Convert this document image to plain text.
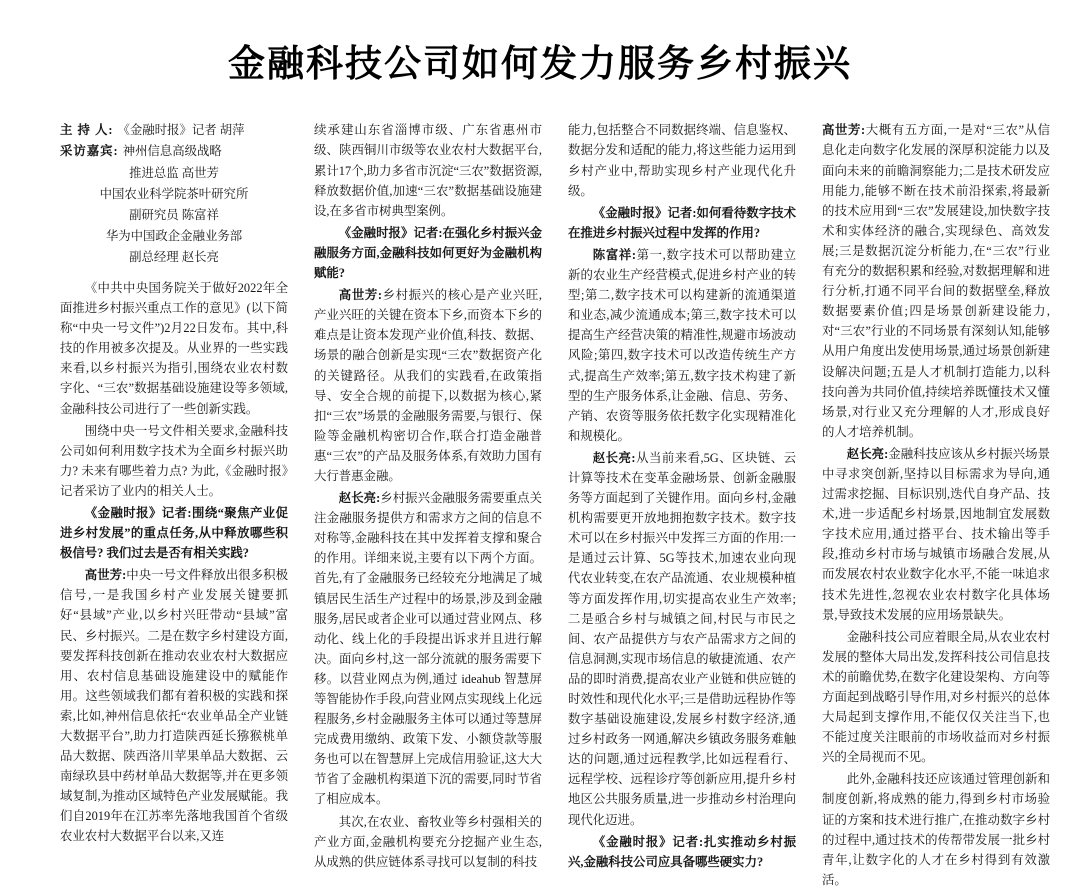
金融科技公司如何发力服务乡村振兴
主 持 人: 《金融时报》记者 胡萍
采访嘉宾: 神州信息高级战略
推进总监 高世芳
中国农业科学院茶叶研究所
副研究员 陈富祥
华为中国政企金融业务部
副总经理 赵长亮

《中共中央国务院关于做好2022年全面推进乡村振兴重点工作的意见》(以下简称“中央一号文件”)2月22日发布。其中,科技的作用被多次提及。从业界的一些实践来看,以乡村振兴为指引,围绕农业农村数字化、“三农”数据基础设施建设等多领域,金融科技公司进行了一些创新实践。

围绕中央一号文件相关要求,金融科技公司如何利用数字技术为全面乡村振兴助力? 未来有哪些着力点? 为此,《金融时报》记者采访了业内的相关人士。

《金融时报》记者:围绕“聚焦产业促进乡村发展”的重点任务,从中释放哪些积极信号? 我们过去是否有相关实践?

高世芳:中央一号文件释放出很多积极信号,一是我国乡村产业发展关键要抓好“县域”产业,以乡村兴旺带动“县域”富民、乡村振兴。二是在数字乡村建设方面,要发挥科技创新在推动农业农村大数据应用、农村信息基础设施建设中的赋能作用。这些领域我们都有着积极的实践和探索,比如,神州信息依托“农业单品全产业链大数据平台”,助力打造陕西延长猕猴桃单品大数据、陕西洛川苹果单品大数据、云南绿玖县中药材单品大数据等,并在更多领域复制,为推动区域特色产业发展赋能。我们自2019年在江苏率先落地我国首个省级农业农村大数据平台以来,又连

续承建山东省淄博市级、广东省惠州市级、陕西铜川市级等农业农村大数据平台,累计17个,助力多省市沉淀“三农”数据资源,释放数据价值,加速“三农”数据基础设施建设,在多省市树典型案例。

《金融时报》记者:在强化乡村振兴金融服务方面,金融科技如何更好为金融机构赋能?

高世芳:乡村振兴的核心是产业兴旺,产业兴旺的关键在资本下乡,而资本下乡的难点是让资本发现产业价值,科技、数据、场景的融合创新是实现“三农”数据资产化的关键路径。从我们的实践看,在政策指导、安全合规的前提下,以数据为核心,紧扣“三农”场景的金融服务需要,与银行、保险等金融机构密切合作,联合打造金融普惠“三农”的产品及服务体系,有效助力国有大行普惠金融。

赵长亮:乡村振兴金融服务需要重点关注金融服务提供方和需求方之间的信息不对称等,金融科技在其中发挥着支撑和聚合的作用。详细来说,主要有以下两个方面。首先,有了金融服务已经较充分地满足了城镇居民生活生产过程中的场景,涉及到金融服务,居民或者企业可以通过营业网点、移动化、线上化的手段提出诉求并且进行解决。面向乡村,这一部分流就的服务需要下移。以营业网点为例,通过 ideahub 智慧屏等智能协作手段,向营业网点实现线上化远程服务,乡村金融服务主体可以通过等慧屏完成费用缴纳、政策下发、小额贷款等服务也可以在智慧屏上完成信用验证,这大大节省了金融机构渠道下沉的需要,同时节省了相应成本。

其次,在农业、畜牧业等乡村强相关的产业方面,金融机构要充分挖掘产业生态,从成熟的供应链体系寻找可以复制的科技

能力,包括整合不同数据终端、信息鉴权、数据分发和适配的能力,将这些能力运用到乡村产业中,帮助实现乡村产业现代化升级。

《金融时报》记者:如何看待数字技术在推进乡村振兴过程中发挥的作用?

陈富祥:第一,数字技术可以帮助建立新的农业生产经营模式,促进乡村产业的转型;第二,数字技术可以构建新的流通渠道和业态,减少流通成本;第三,数字技术可以提高生产经营决策的精准性,规避市场波动风险;第四,数字技术可以改造传统生产方式,提高生产效率;第五,数字技术构建了新型的生产服务体系,让金融、信息、劳务、产销、农资等服务依托数字化实现精准化和规模化。

赵长亮:从当前来看,5G、区块链、云计算等技术在变革金融场景、创新金融服务等方面起到了关键作用。面向乡村,金融机构需要更开放地拥抱数字技术。数字技术可以在乡村振兴中发挥三方面的作用:一是通过云计算、5G等技术,加速农业向现代农业转变,在农产品流通、农业规模种植等方面发挥作用,切实提高农业生产效率;二是亟合乡村与城镇之间,村民与市民之间、农产品提供方与农产品需求方之间的信息洞测,实现市场信息的敏捷流通、农产品的即时消费,提高农业产业链和供应链的时效性和现代化水平;三是借助远程协作等数字基础设施建设,发展乡村数字经济,通过乡村政务一网通,解决乡镇政务服务难触达的问题,通过远程教学,比如远程看行、远程学校、远程诊疗等创新应用,提升乡村地区公共服务质量,进一步推动乡村治理向现代化迈进。

《金融时报》记者:扎实推动乡村振兴,金融科技公司应具备哪些硬实力?

高世芳:大概有五方面,一是对“三农”从信息化走向数字化发展的深厚积淀能力以及面向未来的前瞻洞察能力;二是技术研发应用能力,能够不断在技术前沿探索,将最新的技术应用到“三农”发展建设,加快数字技术和实体经济的融合,实现绿色、高效发展;三是数据沉淀分析能力,在“三农”行业有充分的数据积累和经验,对数据理解和进行分析,打通不同平台间的数据壁垒,释放数据要素价值;四是场景创新建设能力,对“三农”行业的不同场景有深刻认知,能够从用户角度出发使用场景,通过场景创新建设解决问题;五是人才机制打造能力,以科技向善为共同价值,持续培养既懂技术又懂场景,对行业又充分理解的人才,形成良好的人才培养机制。

赵长亮:金融科技应该从乡村振兴场景中寻求突创新,坚持以目标需求为导向,通过需求挖掘、目标识别,迭代自身产品、技术,进一步适配乡村场景,因地制宜发展数字技术应用,通过搭平台、技术输出等手段,推动乡村市场与城镇市场融合发展,从而发展农村农业数字化水平,不能一味追求技术先进性,忽视农业农村数字化具体场景,导致技术发展的应用场景缺失。

金融科技公司应着眼全局,从农业农村发展的整体大局出发,发挥科技公司信息技术的前瞻优势,在数字化建设架构、方向等方面起到战略引导作用,对乡村振兴的总体大局起到支撑作用,不能仅仅关注当下,也不能过度关注眼前的市场收益而对乡村振兴的全局视而不见。

此外,金融科技还应该通过管理创新和制度创新,将成熟的能力,得到乡村市场验证的方案和技术进行推广,在推动数字乡村的过程中,通过技术的传帮带发展一批乡村青年,让数字化的人才在乡村得到有效激活。
